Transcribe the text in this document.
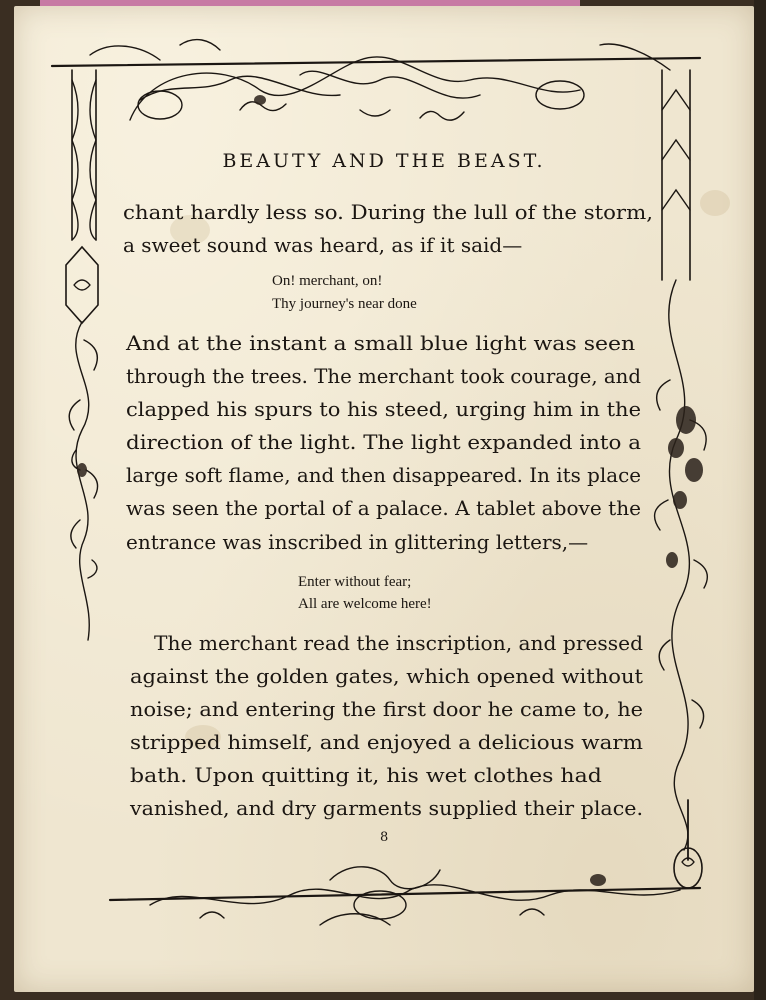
BEAUTY AND THE BEAST.
chant hardly less so. During the lull of the storm,
a sweet sound was heard, as if it said—
On! merchant, on!
Thy journey's near done
And at the instant a small blue light was seen
through the trees. The merchant took courage, and
clapped his spurs to his steed, urging him in the
direction of the light. The light expanded into a
large soft flame, and then disappeared. In its place
was seen the portal of a palace. A tablet above the
entrance was inscribed in glittering letters,—
Enter without fear;
All are welcome here!
The merchant read the inscription, and pressed
against the golden gates, which opened without
noise; and entering the first door he came to, he
stripped himself, and enjoyed a delicious warm
bath. Upon quitting it, his wet clothes had
vanished, and dry garments supplied their place.
8
